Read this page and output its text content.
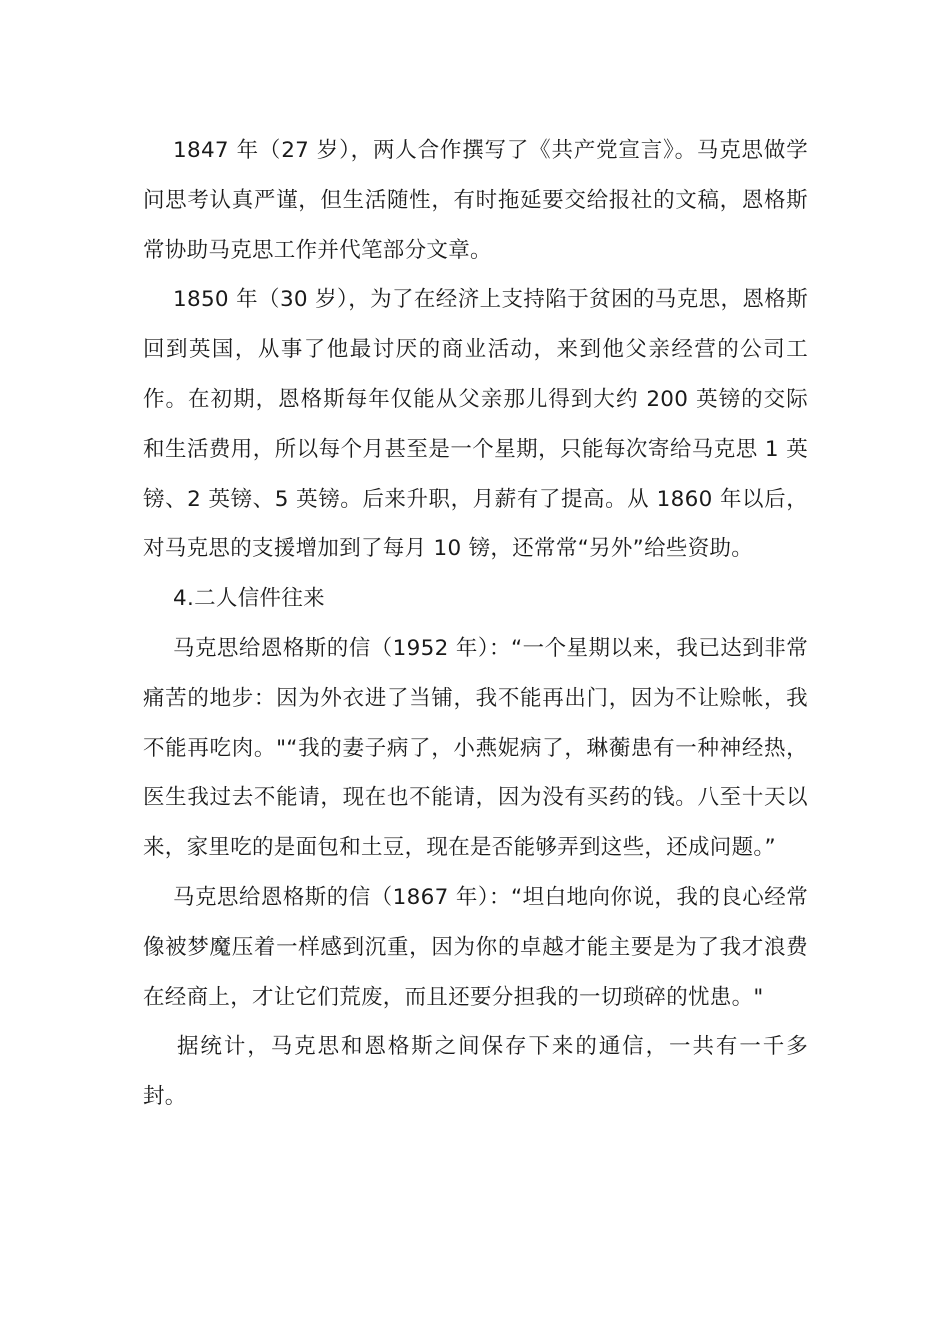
1847 年（27 岁），两人合作撰写了《共产党宣言》。马克思做学问思考认真严谨，但生活随性，有时拖延要交给报社的文稿，恩格斯常协助马克思工作并代笔部分文章。

1850 年（30 岁），为了在经济上支持陷于贫困的马克思，恩格斯回到英国，从事了他最讨厌的商业活动，来到他父亲经营的公司工作。在初期，恩格斯每年仅能从父亲那儿得到大约 200 英镑的交际和生活费用，所以每个月甚至是一个星期，只能每次寄给马克思 1 英镑、2 英镑、5 英镑。后来升职，月薪有了提高。从 1860 年以后，对马克思的支援增加到了每月 10 镑，还常常“另外”给些资助。

4.二人信件往来

马克思给恩格斯的信（1952 年）：“一个星期以来，我已达到非常痛苦的地步：因为外衣进了当铺，我不能再出门，因为不让赊帐，我不能再吃肉。"“我的妻子病了，小燕妮病了，琳蘅患有一种神经热，医生我过去不能请，现在也不能请，因为没有买药的钱。八至十天以来，家里吃的是面包和土豆，现在是否能够弄到这些，还成问题。”

马克思给恩格斯的信（1867 年）：“坦白地向你说，我的良心经常像被梦魔压着一样感到沉重，因为你的卓越才能主要是为了我才浪费在经商上，才让它们荒废，而且还要分担我的一切琐碎的忧患。"

据统计，马克思和恩格斯之间保存下来的通信，一共有一千多封。
